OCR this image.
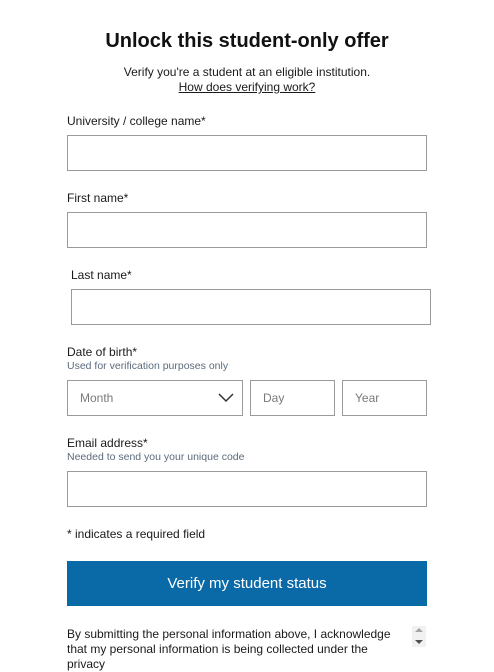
Unlock this student-only offer
Verify you're a student at an eligible institution.
How does verifying work?
University / college name*
First name*
Last name*
Date of birth*
Used for verification purposes only
Month
Day
Year
Email address*
Needed to send you your unique code
* indicates a required field
Verify my student status
By submitting the personal information above, I acknowledge that my personal information is being collected under the privacy
